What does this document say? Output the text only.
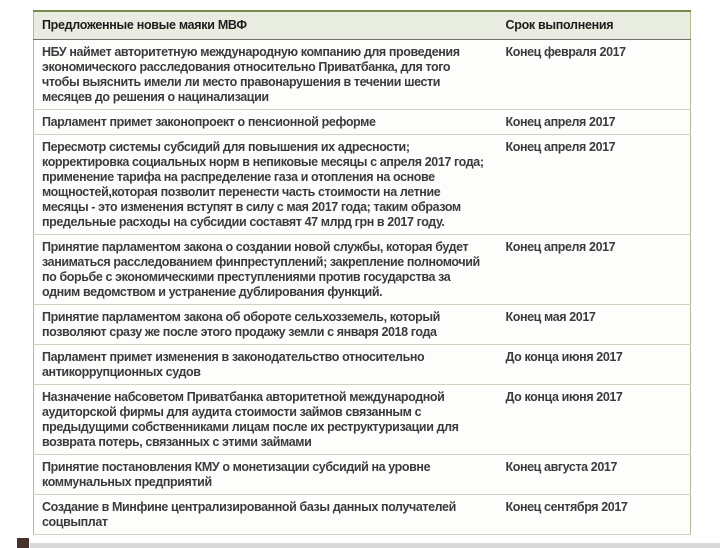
Предложенные новые маяки МВФ	Срок выполнения
НБУ наймет авторитетную международную компанию для проведения экономического расследования относительно Приватбанка, для того чтобы выяснить имели ли место правонарушения в течении шести месяцев до решения о нацинализации	Конец февраля 2017
Парламент примет законопроект о пенсионной реформе	Конец апреля 2017
Пересмотр системы субсидий для повышения их адресности; корректировка социальных норм в непиковые месяцы с апреля 2017 года; применение тарифа на распределение газа и отопления на основе мощностей,которая позволит перенести часть стоимости на летние месяцы - это изменения вступят в силу с мая 2017 года; таким образом предельные расходы на субсидии составят 47 млрд грн в 2017 году.	Конец апреля 2017
Принятие парламентом закона о создании новой службы, которая будет заниматься расследованием финпреступлений; закрепление полномочий по борьбе с экономическими преступлениями против государства за одним ведомством и устранение дублирования функций.	Конец апреля 2017
Принятие парламентом закона об обороте сельхозземель, который позволяют сразу же после этого продажу земли с января 2018 года	Конец мая 2017
Парламент примет изменения в законодательство относительно антикоррупционных судов	До конца июня 2017
Назначение набсоветом Приватбанка авторитетной международной аудиторской фирмы для аудита стоимости займов связанным с предыдущими собственниками лицам после их реструктуризации для возврата потерь, связанных с этими займами	До конца июня 2017
Принятие постановления КМУ о монетизации субсидий на уровне коммунальных предприятий	Конец августа 2017
Создание в Минфине централизированной базы данных получателей соцвыплат	Конец сентября 2017
